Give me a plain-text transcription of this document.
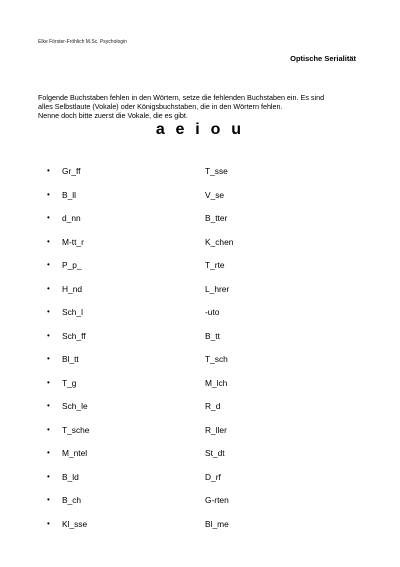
Elke Förster-Fröhlich M.Sc. Psychologin
Optische Serialität
Folgende Buchstaben fehlen in den Wörtern, setze die fehlenden Buchstaben ein. Es sind
alles Selbstlaute (Vokale) oder Königsbuchstaben, die in den Wörtern fehlen.
Nenne doch bitte zuerst die Vokale, die es gibt.
a e i o u
• Gr_ff	T_sse
• B_ll	V_se
• d_nn	B_tter
• M-tt_r	K_chen
• P_p_	T_rte
• H_nd	L_hrer
• Sch_l	-uto
• Sch_ff	B_tt
• Bl_tt	T_sch
• T_g	M_lch
• Sch_le	R_d
• T_sche	R_ller
• M_ntel	St_dt
• B_ld	D_rf
• B_ch	G-rten
• Kl_sse	Bl_me
